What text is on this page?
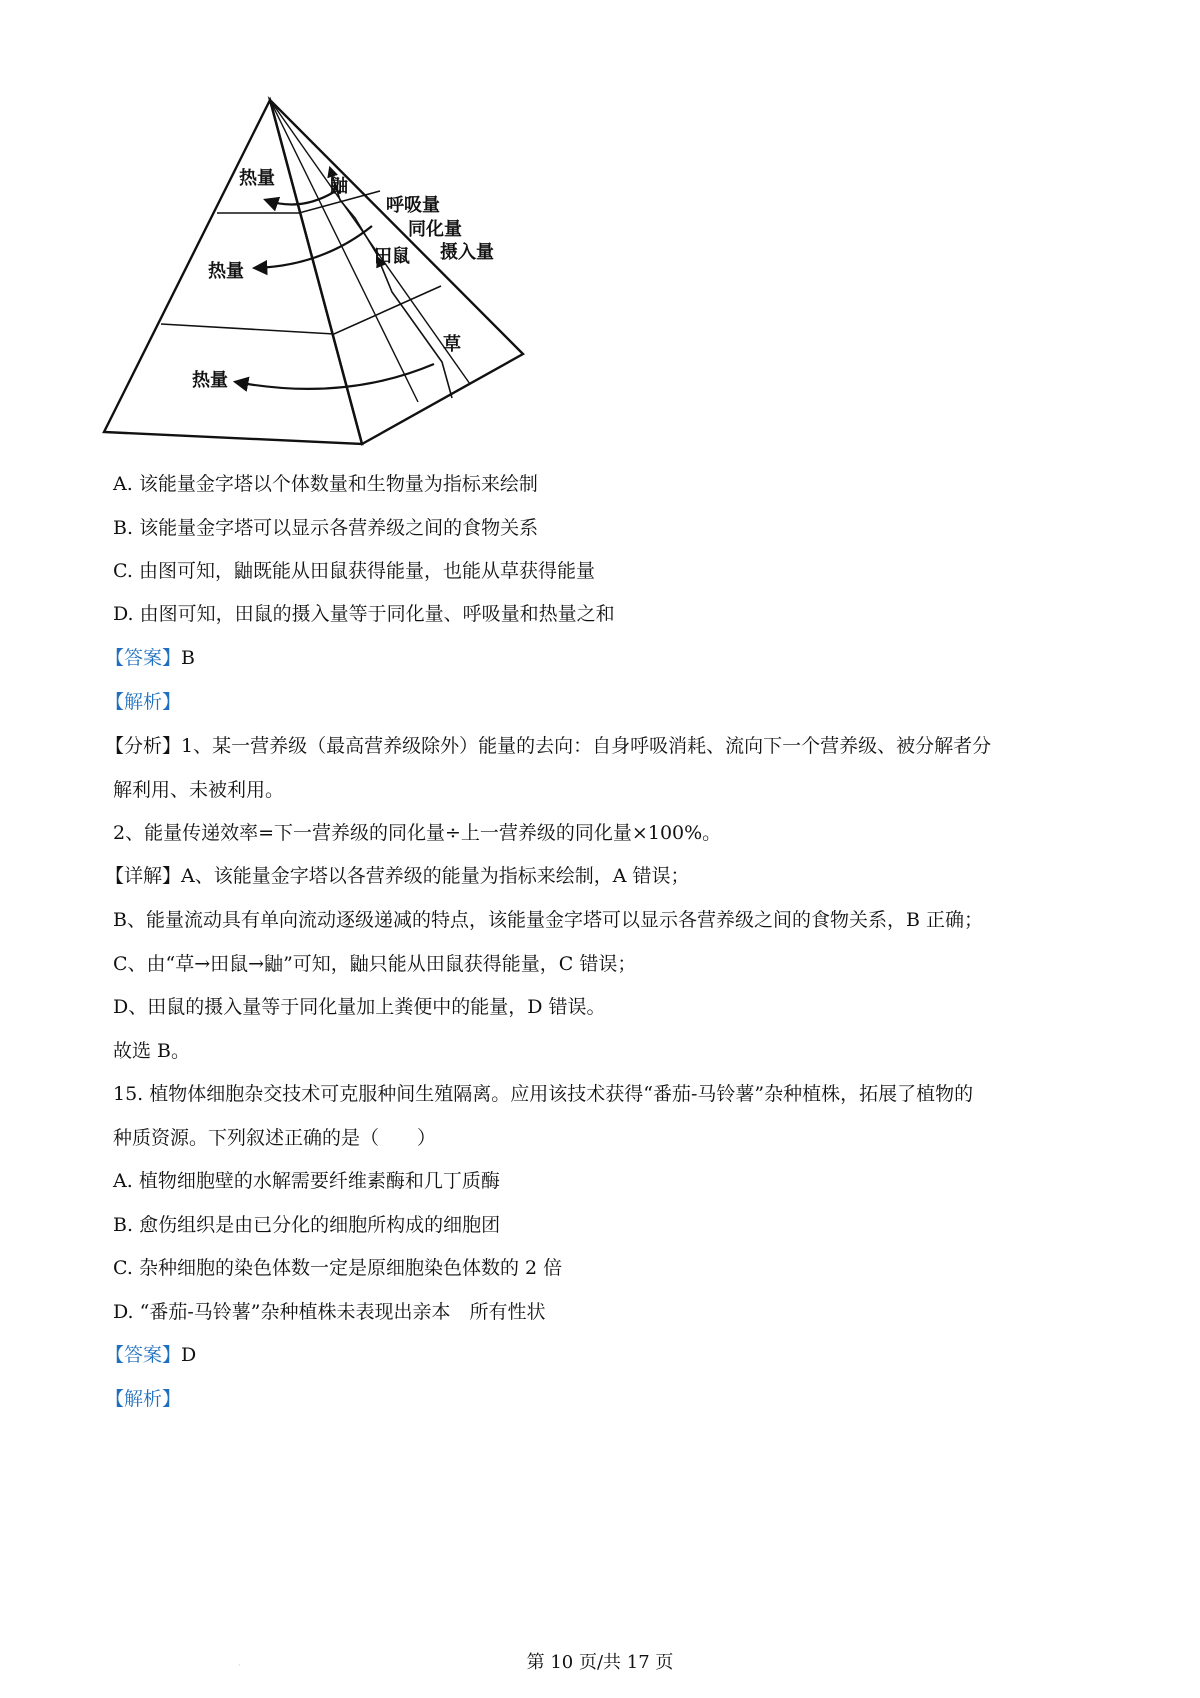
热量
热量
热量
鼬
田鼠
草
呼吸量
同化量
摄入量
A. 该能量金字塔以个体数量和生物量为指标来绘制
B. 该能量金字塔可以显示各营养级之间的食物关系
C. 由图可知，鼬既能从田鼠获得能量，也能从草获得能量
D. 由图可知，田鼠的摄入量等于同化量、呼吸量和热量之和
【答案】B
【解析】
【分析】1、某一营养级（最高营养级除外）能量的去向：自身呼吸消耗、流向下一个营养级、被分解者分
解利用、未被利用。
2、能量传递效率=下一营养级的同化量÷上一营养级的同化量×100%。
【详解】A、该能量金字塔以各营养级的能量为指标来绘制，A 错误；
B、能量流动具有单向流动逐级递减的特点，该能量金字塔可以显示各营养级之间的食物关系，B 正确；
C、由“草→田鼠→鼬”可知，鼬只能从田鼠获得能量，C 错误；
D、田鼠的摄入量等于同化量加上粪便中的能量，D 错误。
故选 B。
15. 植物体细胞杂交技术可克服种间生殖隔离。应用该技术获得“番茄-马铃薯”杂种植株，拓展了植物的
种质资源。下列叙述正确的是（　　）
A. 植物细胞壁的水解需要纤维素酶和几丁质酶
B. 愈伤组织是由已分化的细胞所构成的细胞团
C. 杂种细胞的染色体数一定是原细胞染色体数的 2 倍
D. “番茄-马铃薯”杂种植株未表现出亲本　所有性状
【答案】D
【解析】
·	第 10 页/共 17 页
